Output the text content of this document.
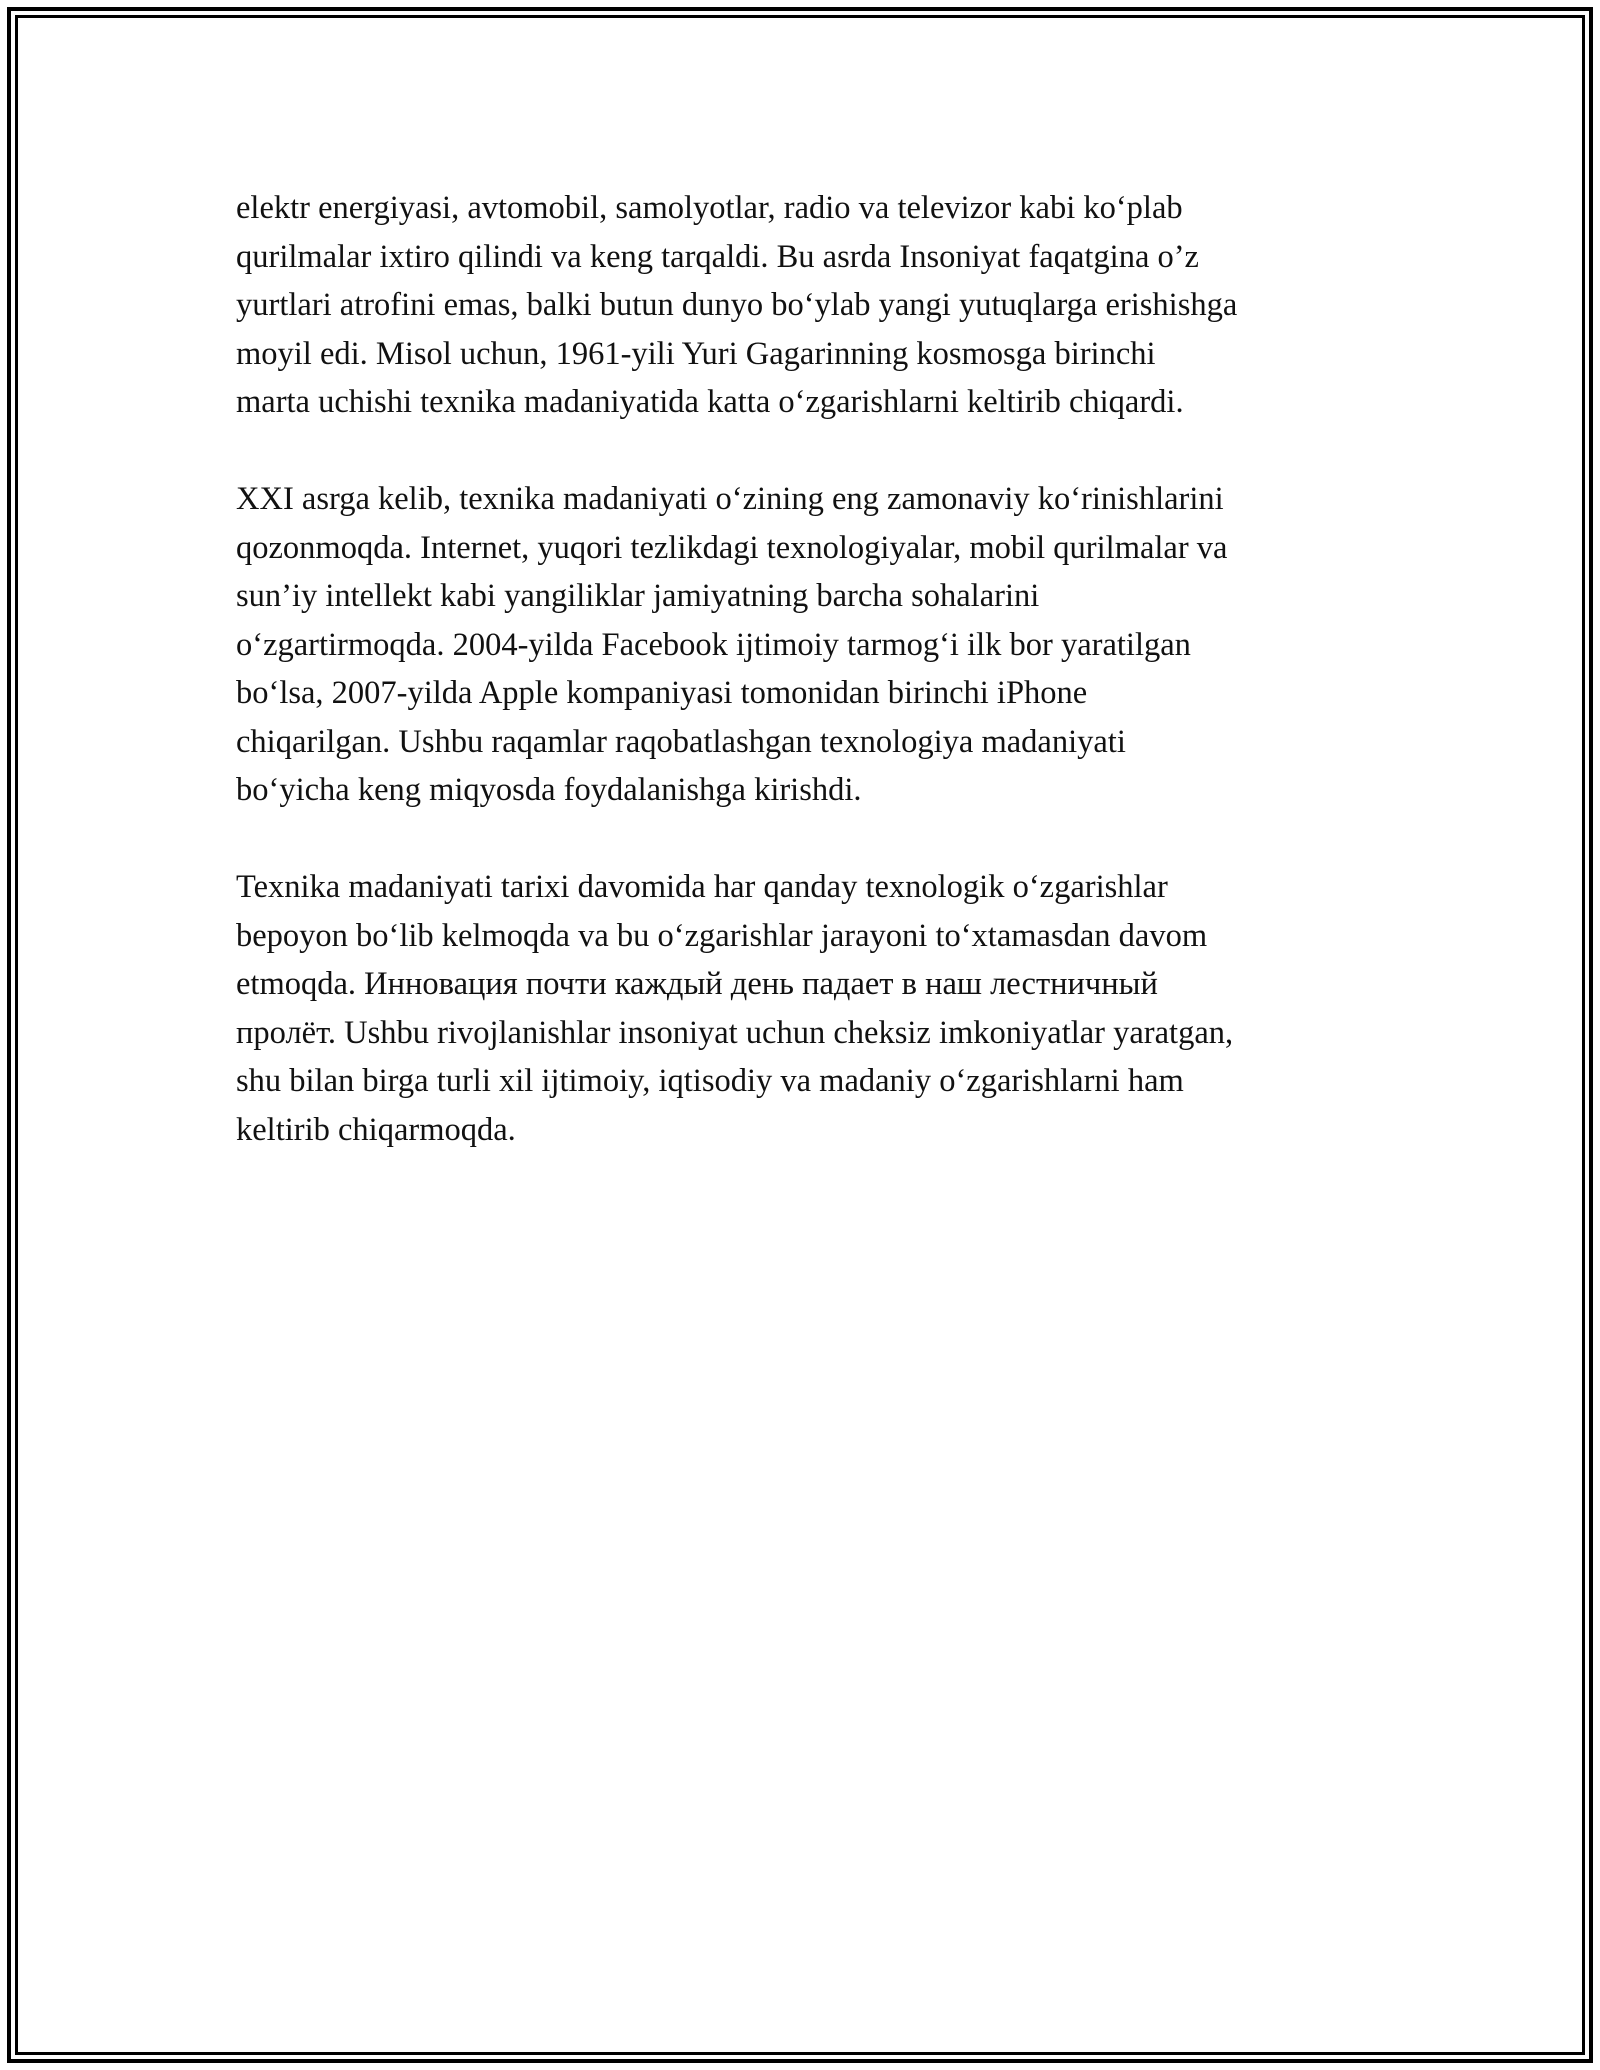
elektr energiyasi, avtomobil, samolyotlar, radio va televizor kabi ko‘plab
qurilmalar ixtiro qilindi va keng tarqaldi. Bu asrda Insoniyat faqatgina o’z
yurtlari atrofini emas, balki butun dunyo bo‘ylab yangi yutuqlarga erishishga
moyil edi. Misol uchun, 1961-yili Yuri Gagarinning kosmosga birinchi
marta uchishi texnika madaniyatida katta o‘zgarishlarni keltirib chiqardi.

XXI asrga kelib, texnika madaniyati o‘zining eng zamonaviy ko‘rinishlarini
qozonmoqda. Internet, yuqori tezlikdagi texnologiyalar, mobil qurilmalar va
sun’iy intellekt kabi yangiliklar jamiyatning barcha sohalarini
o‘zgartirmoqda. 2004-yilda Facebook ijtimoiy tarmog‘i ilk bor yaratilgan
bo‘lsa, 2007-yilda Apple kompaniyasi tomonidan birinchi iPhone
chiqarilgan. Ushbu raqamlar raqobatlashgan texnologiya madaniyati
bo‘yicha keng miqyosda foydalanishga kirishdi.

Texnika madaniyati tarixi davomida har qanday texnologik o‘zgarishlar
bepoyon bo‘lib kelmoqda va bu o‘zgarishlar jarayoni to‘xtamasdan davom
etmoqda. Инновация почти каждый день падает в наш лестничный
пролёт. Ushbu rivojlanishlar insoniyat uchun cheksiz imkoniyatlar yaratgan,
shu bilan birga turli xil ijtimoiy, iqtisodiy va madaniy o‘zgarishlarni ham
keltirib chiqarmoqda.
